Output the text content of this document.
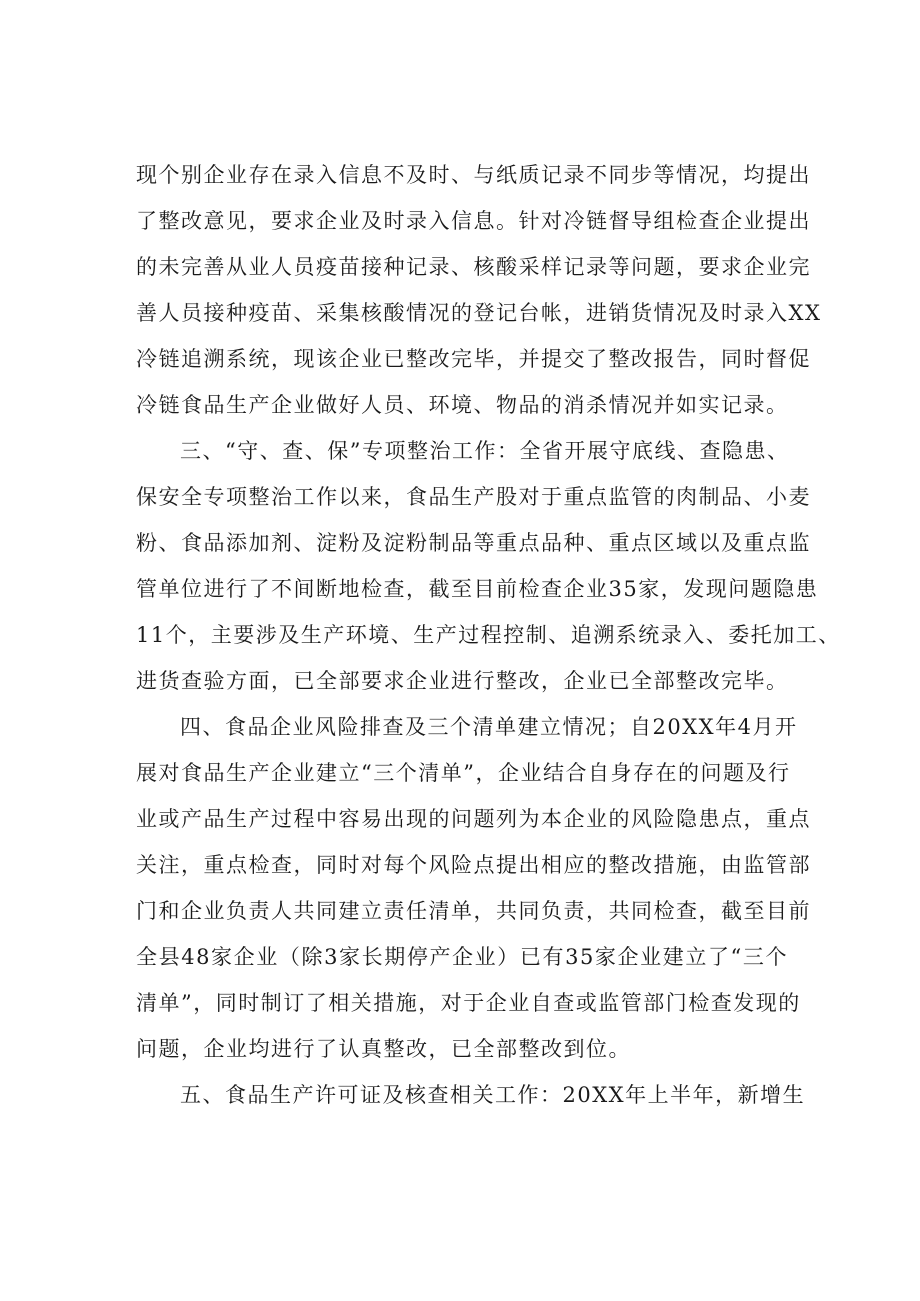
现个别企业存在录入信息不及时、与纸质记录不同步等情况，均提出
了整改意见，要求企业及时录入信息。针对冷链督导组检查企业提出
的未完善从业人员疫苗接种记录、核酸采样记录等问题，要求企业完
善人员接种疫苗、采集核酸情况的登记台帐，进销货情况及时录入XX
冷链追溯系统，现该企业已整改完毕，并提交了整改报告，同时督促
冷链食品生产企业做好人员、环境、物品的消杀情况并如实记录。
三、“守、查、保”专项整治工作：全省开展守底线、查隐患、
保安全专项整治工作以来，食品生产股对于重点监管的肉制品、小麦
粉、食品添加剂、淀粉及淀粉制品等重点品种、重点区域以及重点监
管单位进行了不间断地检查，截至目前检查企业35家，发现问题隐患
11个，主要涉及生产环境、生产过程控制、追溯系统录入、委托加工、
进货查验方面，已全部要求企业进行整改，企业已全部整改完毕。
四、食品企业风险排查及三个清单建立情况；自20XX年4月开
展对食品生产企业建立“三个清单”，企业结合自身存在的问题及行
业或产品生产过程中容易出现的问题列为本企业的风险隐患点，重点
关注，重点检查，同时对每个风险点提出相应的整改措施，由监管部
门和企业负责人共同建立责任清单，共同负责，共同检查，截至目前
全县48家企业（除3家长期停产企业）已有35家企业建立了“三个
清单”，同时制订了相关措施，对于企业自查或监管部门检查发现的
问题，企业均进行了认真整改，已全部整改到位。
五、食品生产许可证及核查相关工作：20XX年上半年，新增生
